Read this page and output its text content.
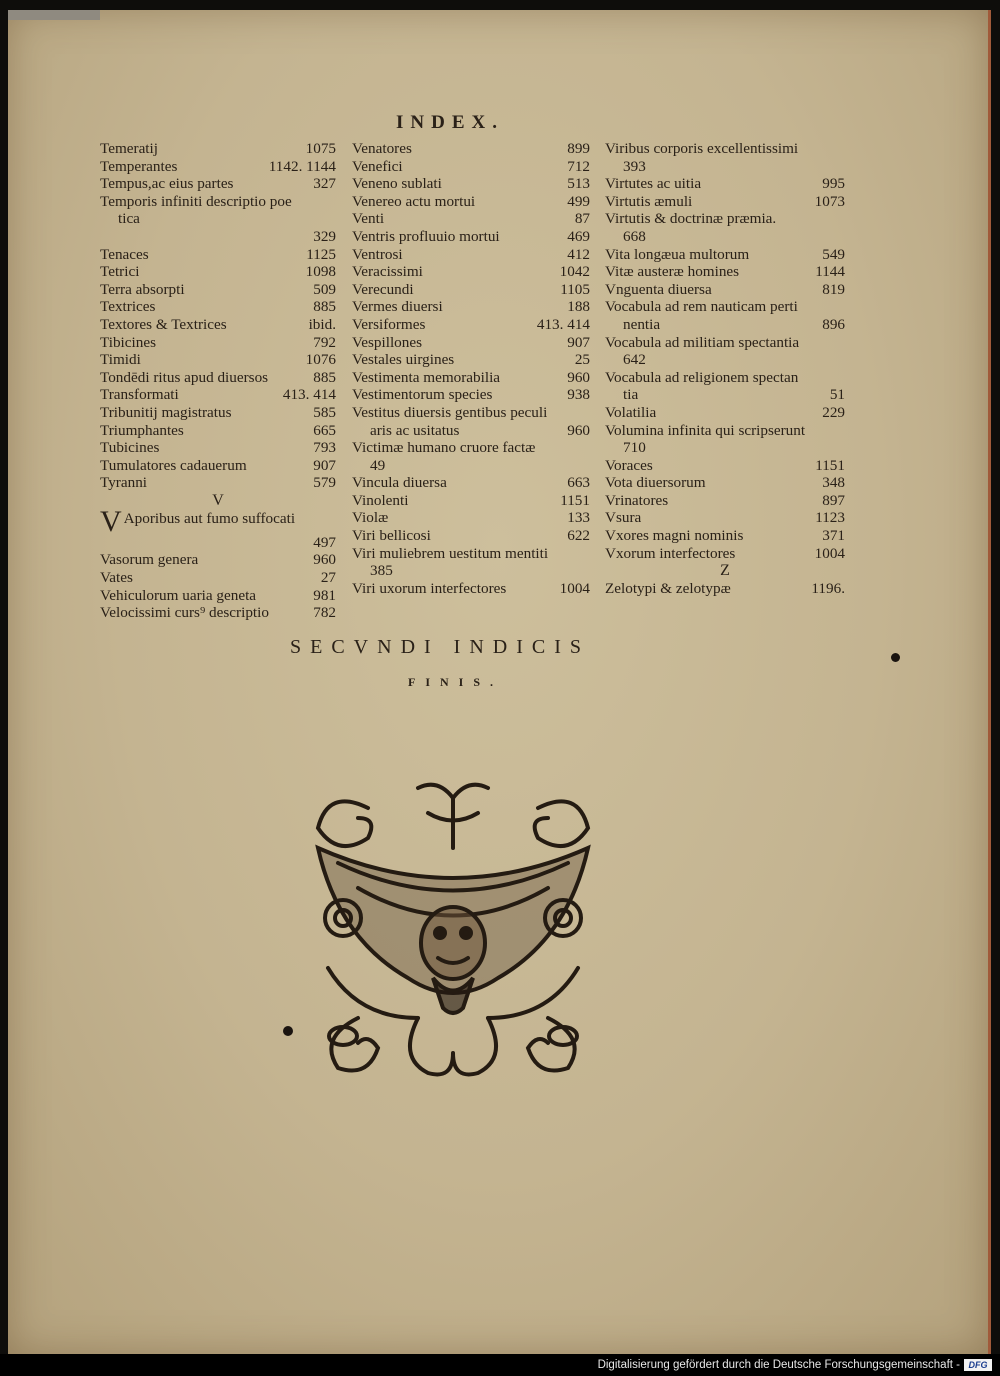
INDEX.
Temeratij	1075
Temperantes	1142. 1144
Tempus,ac eius partes	327
Temporis infiniti descriptio poe
tica
329
Tenaces	1125
Tetrici	1098
Terra absorpti	509
Textrices	885
Textores & Textrices	ibid.
Tibicines	792
Timidi	1076
Tondēdi ritus apud diuersos	885
Transformati	413. 414
Tribunitij magistratus	585
Triumphantes	665
Tubicines	793
Tumulatores cadauerum	907
Tyranni	579
V
V Aporibus aut fumo suffocati
497
Vasorum genera	960
Vates	27
Vehiculorum uaria geneta	981
Velocissimi curs⁹ descriptio	782
Venatores	899
Venefici	712
Veneno sublati	513
Venereo actu mortui	499
Venti	87
Ventris profluuio mortui	469
Ventrosi	412
Veracissimi	1042
Verecundi	1105
Vermes diuersi	188
Versiformes	413. 414
Vespillones	907
Vestales uirgines	25
Vestimenta memorabilia	960
Vestimentorum species	938
Vestitus diuersis gentibus peculi
aris ac usitatus	960
Victimæ humano cruore factæ
49
Vincula diuersa	663
Vinolenti	1151
Violæ	133
Viri bellicosi	622
Viri muliebrem uestitum mentiti
385
Viri uxorum interfectores	1004
Viribus corporis excellentissimi
393
Virtutes ac uitia	995
Virtutis æmuli	1073
Virtutis & doctrinæ præmia.
668
Vita longæua multorum	549
Vitæ austeræ homines	1144
Vnguenta diuersa	819
Vocabula ad rem nauticam perti
nentia	896
Vocabula ad militiam spectantia
642
Vocabula ad religionem spectan
tia	51
Volatilia	229
Volumina infinita qui scripserunt
710
Voraces	1151
Vota diuersorum	348
Vrinatores	897
Vsura	1123
Vxores magni nominis	371
Vxorum interfectores	1004
Z
Zelotypi & zelotypæ	1196.
SECVNDI INDICIS
FINIS.
Digitalisierung gefördert durch die Deutsche Forschungsgemeinschaft - DFG
